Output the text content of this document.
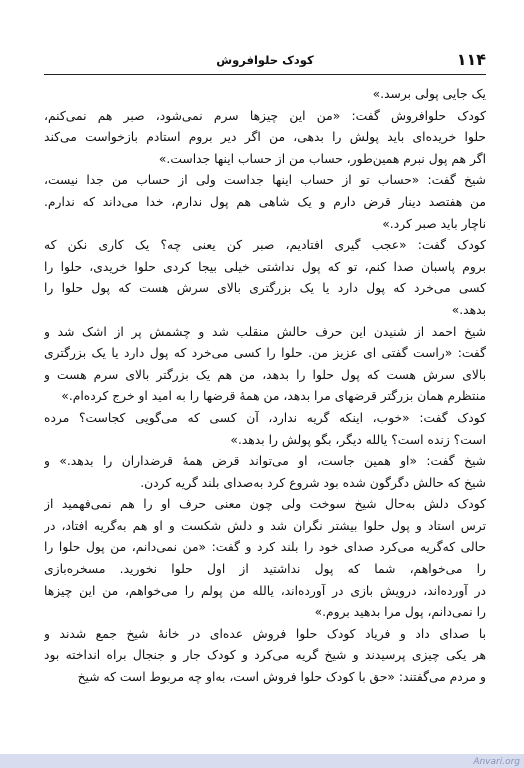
۱۱۴
کودک حلوافروش
یک جایی پولی برسد.»
کودک حلوافروش گفت: «من این چیزها سرم نمی‌شود، صبر هم نمی‌کنم،
حلوا خریده‌ای باید پولش را بدهی، من اگر دیر بروم استادم بازخواست می‌کند
اگر هم پول نبرم همین‌طور، حساب من از حساب اینها جداست.»
شیخ گفت: «حساب تو از حساب اینها جداست ولی از حساب من جدا نیست،
من هفتصد دینار قرض دارم و یک شاهی هم پول ندارم، خدا می‌داند که ندارم.
ناچار باید صبر کرد.»
کودک گفت: «عجب گیری افتادیم، صبر کن یعنی چه؟ یک کاری نکن که
بروم پاسبان صدا کنم، تو که پول نداشتی خیلی بیجا کردی حلوا خریدی، حلوا را
کسی می‌خرد که پول دارد یا یک بزرگتری بالای سرش هست که پول حلوا را
بدهد.»
شیخ احمد از شنیدن این حرف حالش منقلب شد و چشمش پر از اشک شد و
گفت: «راست گفتی ای عزیز من. حلوا را کسی می‌خرد که پول دارد یا یک بزرگتری
بالای سرش هست که پول حلوا را بدهد، من هم یک بزرگتر بالای سرم هست و
منتظرم همان بزرگتر قرضهای مرا بدهد، من همهٔ قرضها را به امید او خرج کرده‌ام.»
کودک گفت: «خوب، اینکه گریه ندارد، آن کسی که می‌گویی کجاست؟ مرده
است؟ زنده است؟ یالله دیگر، بگو پولش را بدهد.»
شیخ گفت: «او همین جاست، او می‌تواند قرض همهٔ قرضداران را بدهد.» و
شیخ که حالش دگرگون شده بود شروع کرد به‌صدای بلند گریه کردن.
کودک دلش به‌حال شیخ سوخت ولی چون معنی حرف او را هم نمی‌فهمید از
ترس استاد و پول حلوا بیشتر نگران شد و دلش شکست و او هم به‌گریه افتاد، در
حالی که‌گریه می‌کرد صدای خود را بلند کرد و گفت: «من نمی‌دانم، من پول حلوا را
را می‌خواهم، شما که پول نداشتید از اول حلوا نخورید. مسخره‌بازی
در آورده‌اند، درویش بازی در آورده‌اند، یالله من پولم را می‌خواهم، من این چیزها
را نمی‌دانم، پول مرا بدهید بروم.»
با صدای داد و فریاد کودک حلوا فروش عده‌ای در خانهٔ شیخ جمع شدند و
هر یکی چیزی پرسیدند و شیخ گریه می‌کرد و کودک جار و جنجال براه انداخته بود
و مردم می‌گفتند: «حق با کودک حلوا فروش است، به‌او چه مربوط است که شیخ
Anvari.org
